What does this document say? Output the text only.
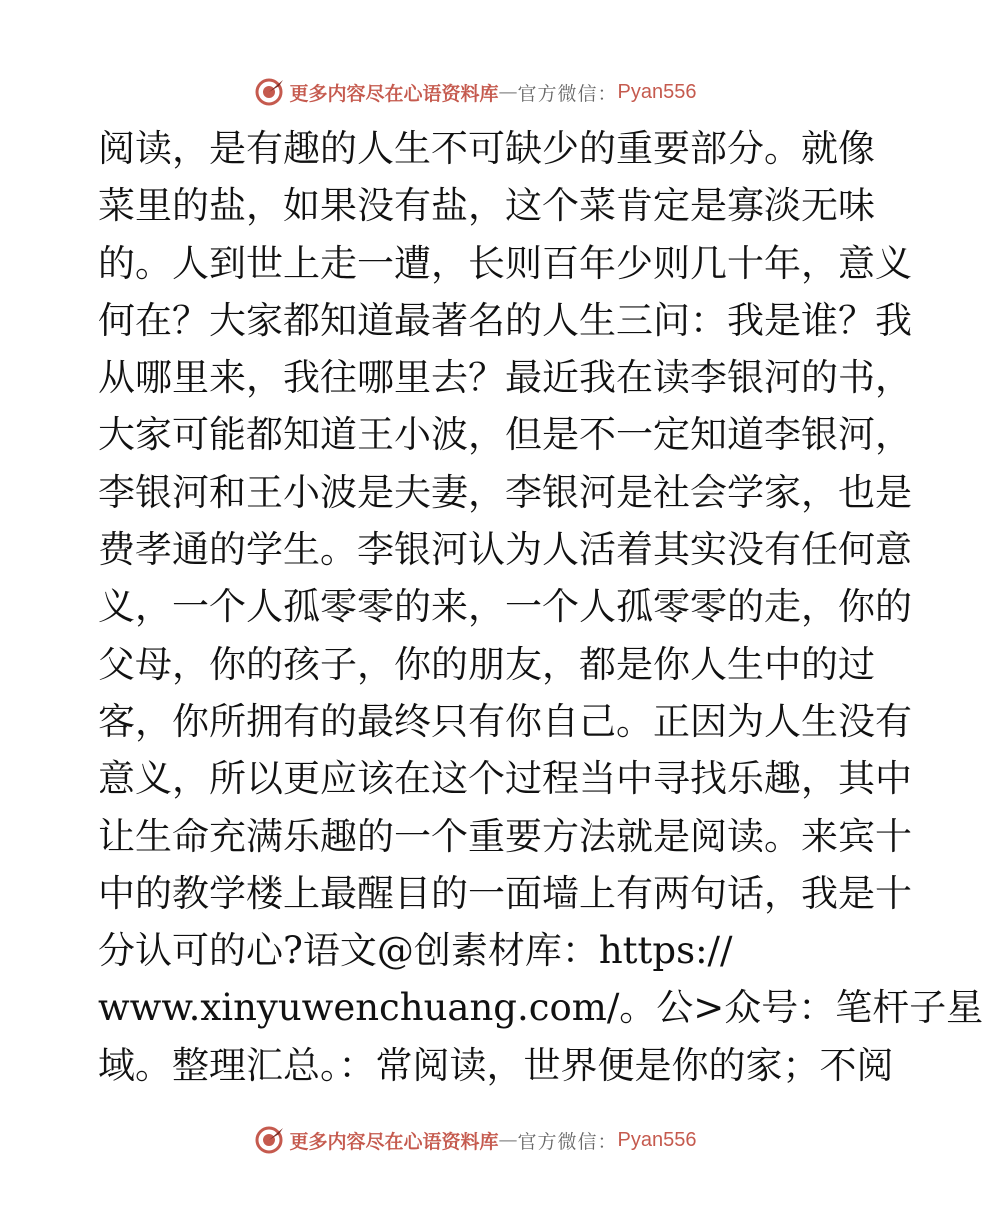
更多内容尽在心语资料库 — 官方微信： Pyan556
阅读，是有趣的人生不可缺少的重要部分。就像
菜里的盐，如果没有盐，这个菜肯定是寡淡无味
的。人到世上走一遭，长则百年少则几十年，意义
何在？大家都知道最著名的人生三问：我是谁？我
从哪里来，我往哪里去？最近我在读李银河的书，
大家可能都知道王小波，但是不一定知道李银河，
李银河和王小波是夫妻，李银河是社会学家，也是
费孝通的学生。李银河认为人活着其实没有任何意
义，一个人孤零零的来，一个人孤零零的走，你的
父母，你的孩子，你的朋友，都是你人生中的过
客，你所拥有的最终只有你自己。正因为人生没有
意义，所以更应该在这个过程当中寻找乐趣，其中
让生命充满乐趣的一个重要方法就是阅读。来宾十
中的教学楼上最醒目的一面墙上有两句话，我是十
分认可的心?语文@创素材库：https://
www.xinyuwenchuang.com/。公>众号：笔杆子星
域。整理汇总。：常阅读，世界便是你的家；不阅
更多内容尽在心语资料库 — 官方微信： Pyan556
